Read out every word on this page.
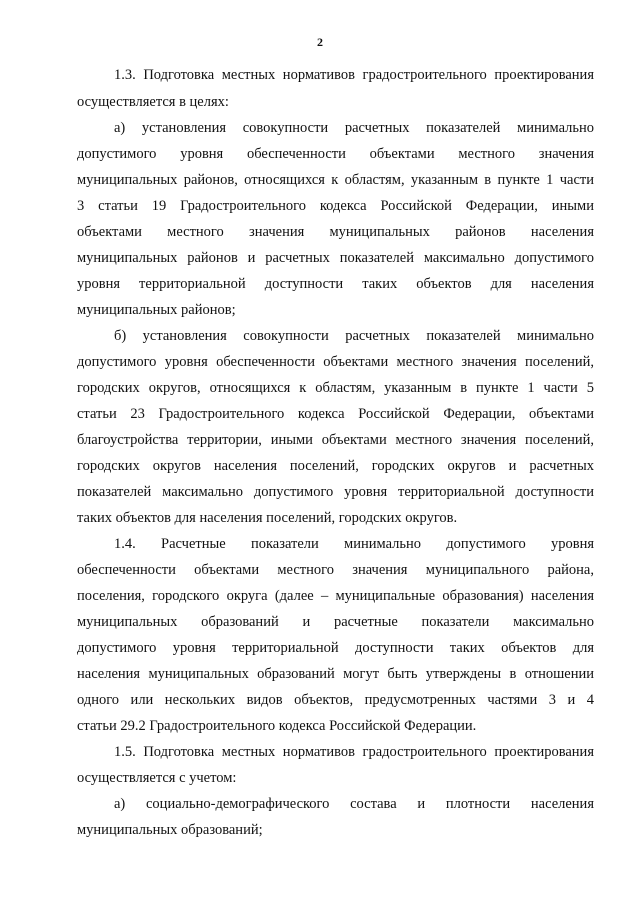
2
1.3. Подготовка местных нормативов градостроительного проектирования
осуществляется в целях:
а) установления совокупности расчетных показателей минимально
допустимого уровня обеспеченности объектами местного значения
муниципальных районов, относящихся к областям, указанным в пункте 1 части
3 статьи 19 Градостроительного кодекса Российской Федерации, иными
объектами местного значения муниципальных районов населения
муниципальных районов и расчетных показателей максимально допустимого
уровня территориальной доступности таких объектов для населения
муниципальных районов;
б) установления совокупности расчетных показателей минимально
допустимого уровня обеспеченности объектами местного значения поселений,
городских округов, относящихся к областям, указанным в пункте 1 части 5
статьи 23 Градостроительного кодекса Российской Федерации, объектами
благоустройства территории, иными объектами местного значения поселений,
городских округов населения поселений, городских округов и расчетных
показателей максимально допустимого уровня территориальной доступности
таких объектов для населения поселений, городских округов.
1.4. Расчетные показатели минимально допустимого уровня
обеспеченности объектами местного значения муниципального района,
поселения, городского округа (далее – муниципальные образования) населения
муниципальных образований и расчетные показатели максимально
допустимого уровня территориальной доступности таких объектов для
населения муниципальных образований могут быть утверждены в отношении
одного или нескольких видов объектов, предусмотренных частями 3 и 4
статьи 29.2 Градостроительного кодекса Российской Федерации.
1.5. Подготовка местных нормативов градостроительного проектирования
осуществляется с учетом:
а) социально-демографического состава и плотности населения
муниципальных образований;
